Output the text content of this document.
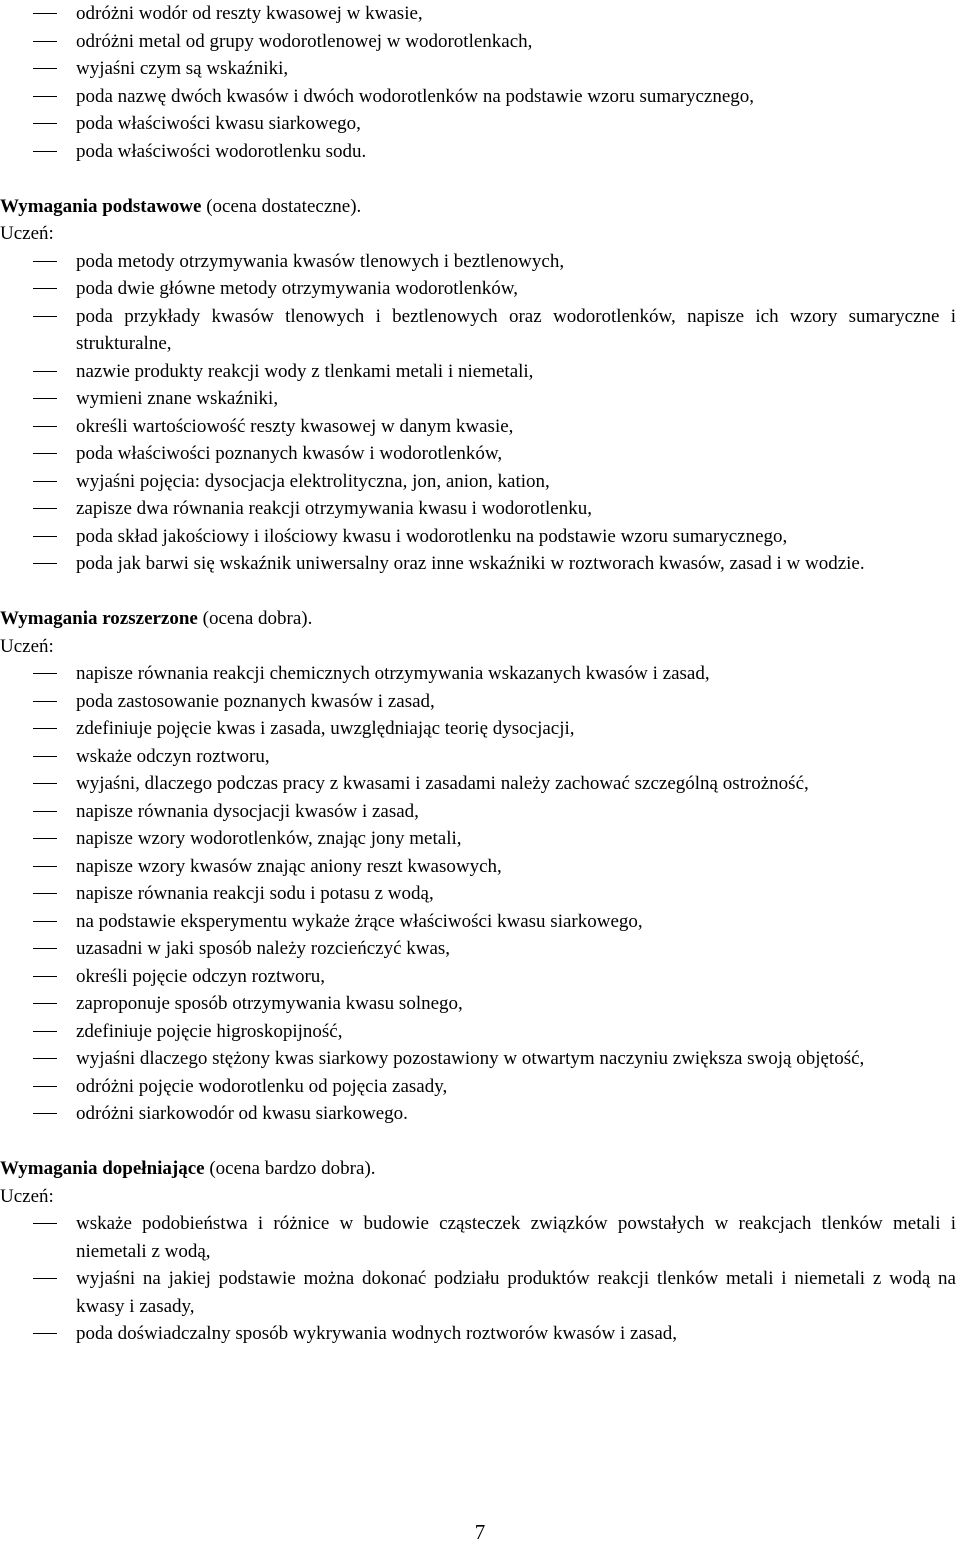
odróżni wodór od reszty kwasowej w kwasie,
odróżni metal od grupy wodorotlenowej w wodorotlenkach,
wyjaśni czym są wskaźniki,
poda nazwę dwóch kwasów i dwóch wodorotlenków na podstawie wzoru sumarycznego,
poda właściwości kwasu siarkowego,
poda właściwości wodorotlenku sodu.
Wymagania podstawowe (ocena dostateczne).
Uczeń:
poda metody otrzymywania kwasów tlenowych i beztlenowych,
poda dwie główne metody otrzymywania wodorotlenków,
poda przykłady kwasów tlenowych i beztlenowych oraz wodorotlenków, napisze ich wzory sumaryczne i strukturalne,
nazwie produkty reakcji wody z tlenkami metali i niemetali,
wymieni znane wskaźniki,
określi wartościowość reszty kwasowej w danym kwasie,
poda właściwości poznanych kwasów i wodorotlenków,
wyjaśni pojęcia: dysocjacja elektrolityczna, jon, anion, kation,
zapisze dwa równania reakcji otrzymywania kwasu i wodorotlenku,
poda skład jakościowy i ilościowy kwasu i wodorotlenku na podstawie wzoru sumarycznego,
poda jak barwi się wskaźnik uniwersalny oraz inne wskaźniki w roztworach kwasów, zasad i w wodzie.
Wymagania rozszerzone (ocena dobra).
Uczeń:
napisze równania reakcji chemicznych otrzymywania wskazanych kwasów i zasad,
poda zastosowanie poznanych kwasów i zasad,
zdefiniuje pojęcie kwas i zasada, uwzględniając teorię dysocjacji,
wskaże odczyn roztworu,
wyjaśni, dlaczego podczas pracy z kwasami i zasadami należy zachować szczególną ostrożność,
napisze równania dysocjacji kwasów i zasad,
napisze wzory wodorotlenków, znając jony metali,
napisze wzory kwasów znając aniony reszt kwasowych,
napisze równania reakcji sodu i potasu z wodą,
na podstawie eksperymentu wykaże żrące właściwości kwasu siarkowego,
uzasadni w jaki sposób należy rozcieńczyć kwas,
określi pojęcie odczyn roztworu,
zaproponuje sposób otrzymywania kwasu solnego,
zdefiniuje pojęcie higroskopijność,
wyjaśni dlaczego stężony kwas siarkowy pozostawiony w otwartym naczyniu zwiększa swoją objętość,
odróżni pojęcie wodorotlenku od pojęcia zasady,
odróżni siarkowodór od kwasu siarkowego.
Wymagania dopełniające (ocena bardzo dobra).
Uczeń:
wskaże podobieństwa i różnice w budowie cząsteczek związków powstałych w reakcjach tlenków metali i niemetali z wodą,
wyjaśni na jakiej podstawie można dokonać podziału produktów reakcji tlenków metali i niemetali z wodą na kwasy i zasady,
poda doświadczalny sposób wykrywania wodnych roztworów kwasów i zasad,
7
